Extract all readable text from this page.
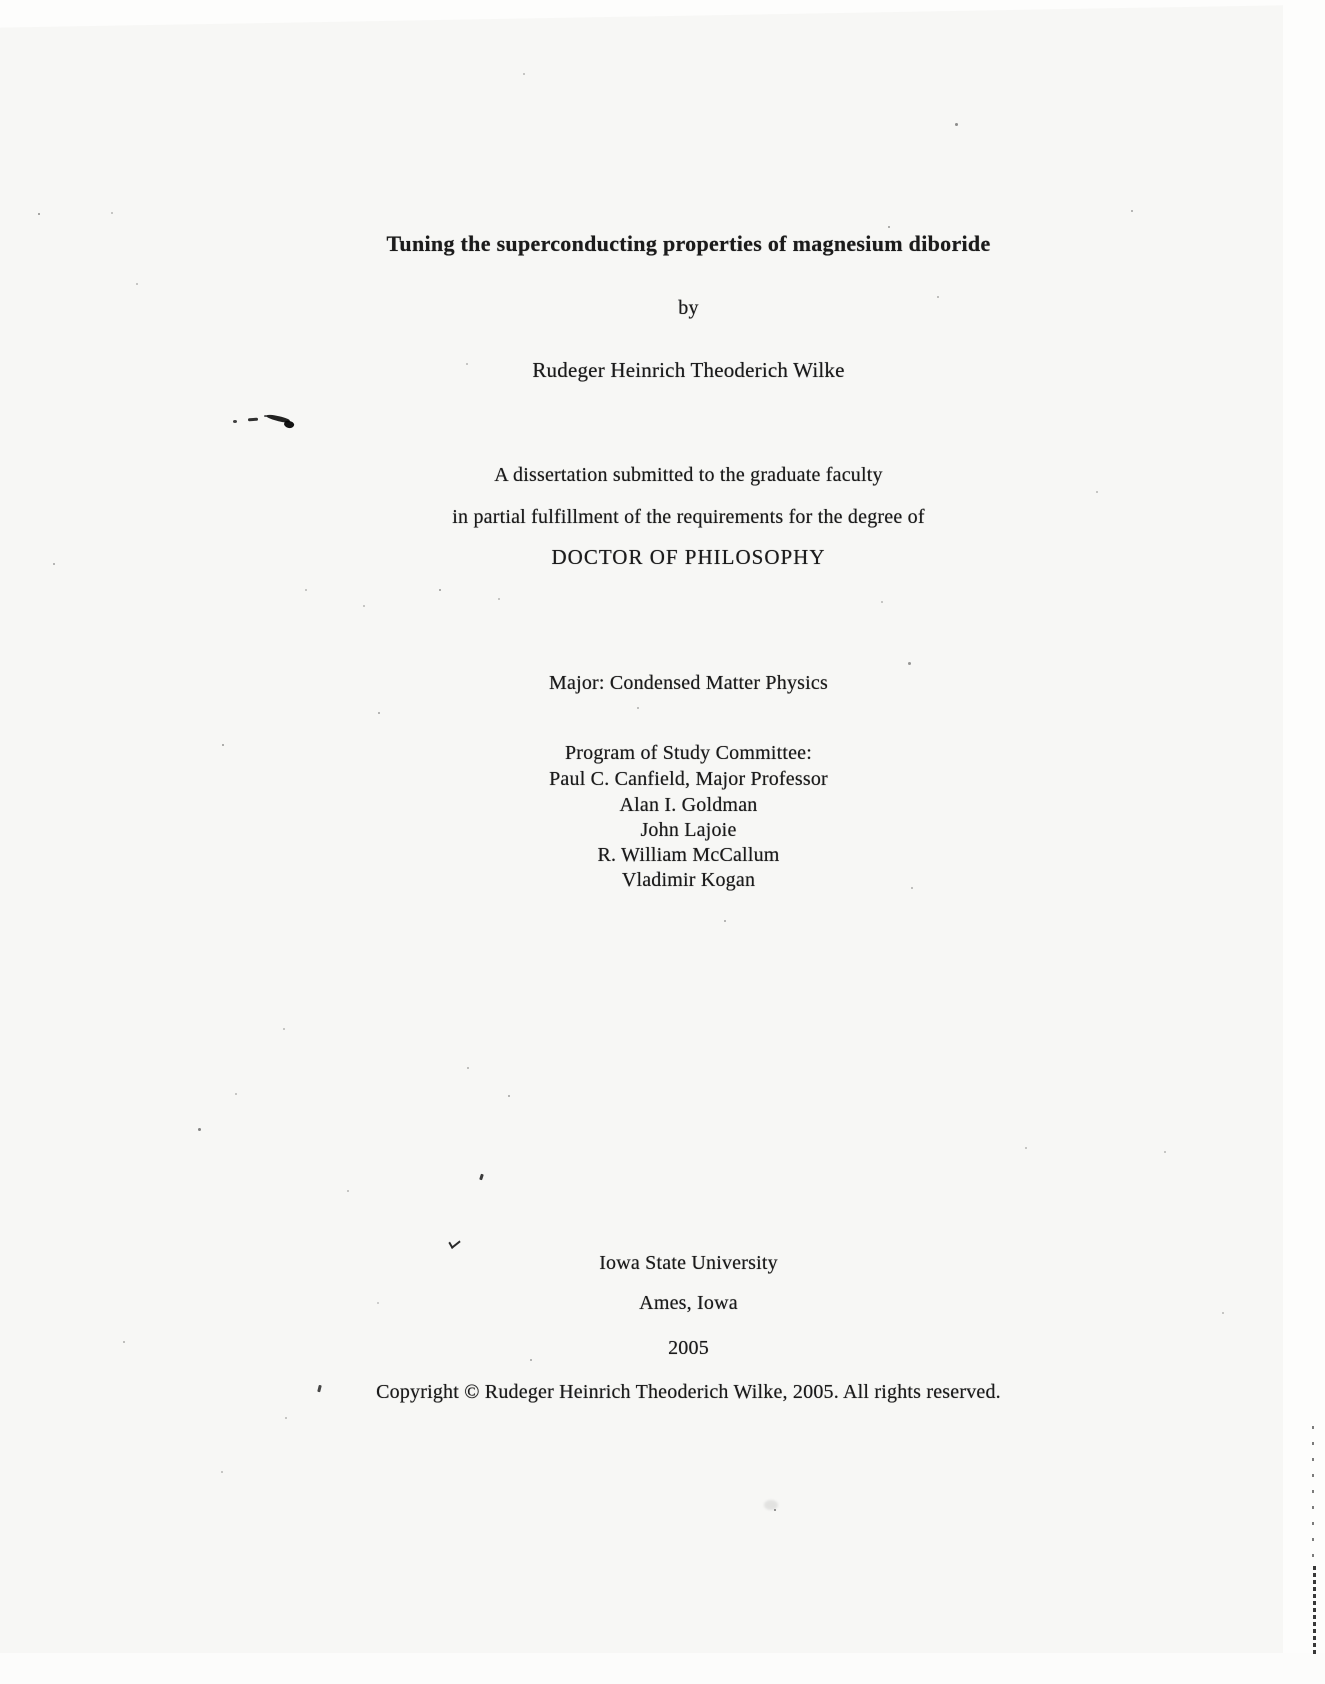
Tuning the superconducting properties of magnesium diboride
by
Rudeger Heinrich Theoderich Wilke
A dissertation submitted to the graduate faculty
in partial fulfillment of the requirements for the degree of
DOCTOR OF PHILOSOPHY
Major: Condensed Matter Physics
Program of Study Committee:
Paul C. Canfield, Major Professor
Alan I. Goldman
John Lajoie
R. William McCallum
Vladimir Kogan
Iowa State University
Ames, Iowa
2005
Copyright © Rudeger Heinrich Theoderich Wilke, 2005. All rights reserved.
